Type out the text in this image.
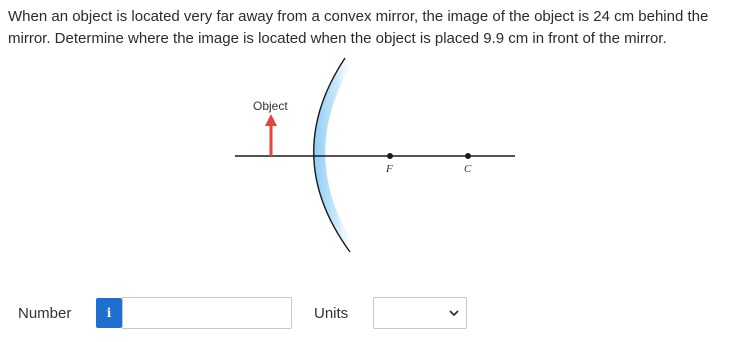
When an object is located very far away from a convex mirror, the image of the object is 24 cm behind the mirror. Determine where the image is located when the object is placed 9.9 cm in front of the mirror.

Object
F	C
Number	i	Units
